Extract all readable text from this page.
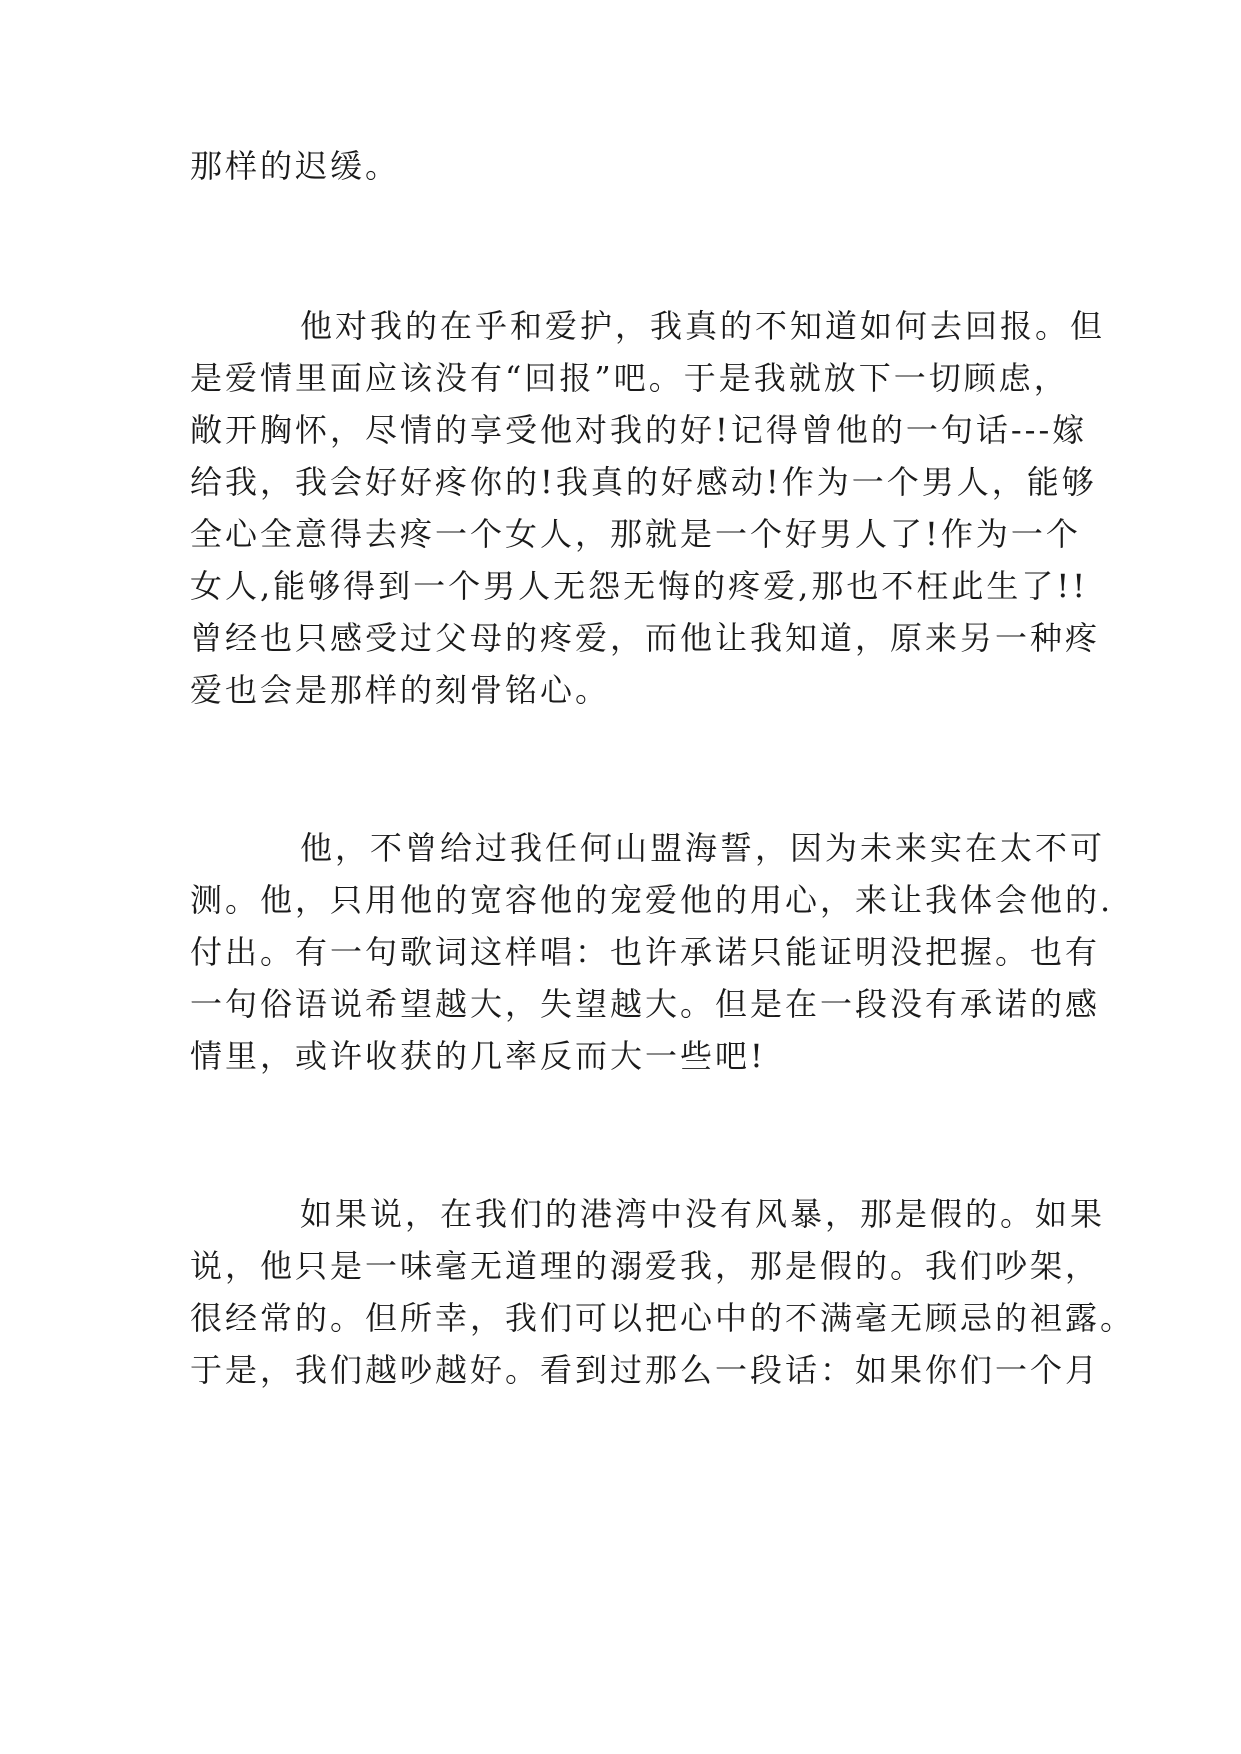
那样的迟缓。
他对我的在乎和爱护，我真的不知道如何去回报。但
是爱情里面应该没有“回报”吧。于是我就放下一切顾虑，
敞开胸怀，尽情的享受他对我的好!记得曾他的一句话---嫁
给我，我会好好疼你的!我真的好感动!作为一个男人，能够
全心全意得去疼一个女人，那就是一个好男人了!作为一个
女人,能够得到一个男人无怨无悔的疼爱,那也不枉此生了!!
曾经也只感受过父母的疼爱，而他让我知道，原来另一种疼
爱也会是那样的刻骨铭心。
他，不曾给过我任何山盟海誓，因为未来实在太不可
测。他，只用他的宽容他的宠爱他的用心，来让我体会他的.
付出。有一句歌词这样唱：也许承诺只能证明没把握。也有
一句俗语说希望越大，失望越大。但是在一段没有承诺的感
情里，或许收获的几率反而大一些吧!
如果说，在我们的港湾中没有风暴，那是假的。如果
说，他只是一味毫无道理的溺爱我，那是假的。我们吵架，
很经常的。但所幸，我们可以把心中的不满毫无顾忌的袒露。
于是，我们越吵越好。看到过那么一段话：如果你们一个月
